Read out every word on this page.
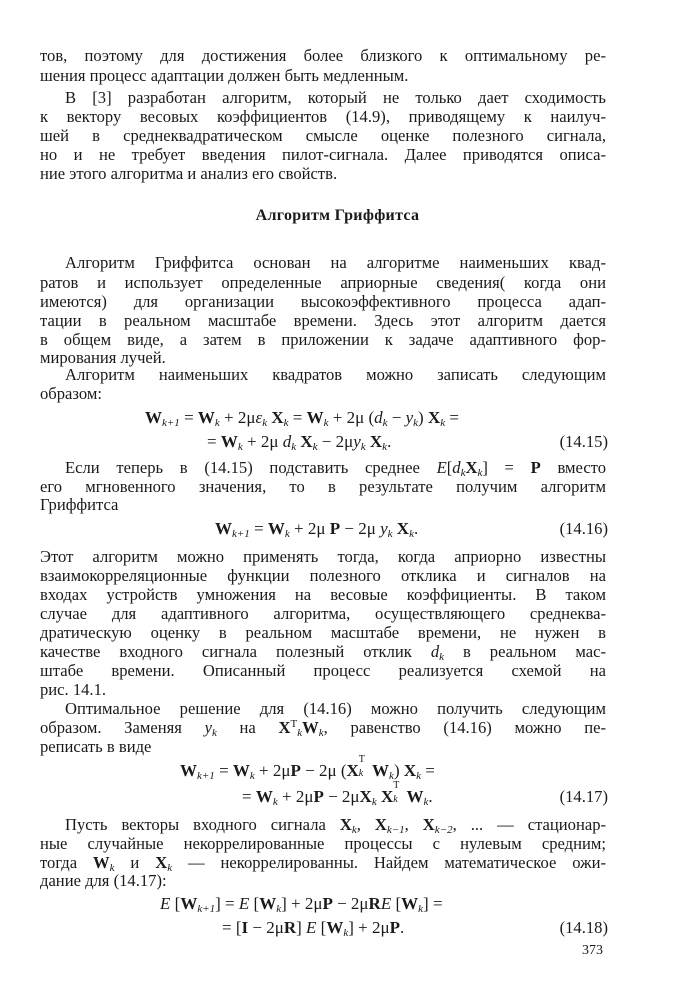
тов, поэтому для достижения более близкого к оптимальному ре-
шения процесс адаптации должен быть медленным.
В [3] разработан алгоритм, который не только дает сходимость
к вектору весовых коэффициентов (14.9), приводящему к наилуч-
шей в среднеквадратическом смысле оценке полезного сигнала,
но и не требует введения пилот-сигнала. Далее приводятся описа-
ние этого алгоритма и анализ его свойств.
Алгоритм Гриффитса
Алгоритм Гриффитса основан на алгоритме наименьших квад-
ратов и использует определенные априорные сведения( когда они
имеются) для организации высокоэффективного процесса адап-
тации в реальном масштабе времени. Здесь этот алгоритм дается
в общем виде, а затем в приложении к задаче адаптивного фор-
мирования лучей.
Алгоритм наименьших квадратов можно записать следующим
образом:
$W_{k+1} = W_k + 2\mu\varepsilon_k$ $X_k = W_k + 2\mu$ $(d_k - y_k) X_k$ =
= $W_k + 2\mu$ $d_k$ $X_k - 2\mu y_k$ $X_k$.	(14.15)
Если теперь в (14.15) подставить среднее $E[d_kX_k] = P$ вместо
его мгновенного значения, то в результате получим алгоритм
Гриффитса
$W_{k+1} = W_k + 2\mu$ P − 2μ $y_k$ $X_k$.	(14.16)
Этот алгоритм можно применять тогда, когда априорно известны
взаимокорреляционные функции полезного отклика и сигналов на
входах устройств умножения на весовые коэффициенты. В таком
случае для адаптивного алгоритма, осуществляющего среднеква-
дратическую оценку в реальном масштабе времени, не нужен в
качестве входного сигнала полезный отклик $d_k$ в реальном мас-
штабе времени. Описанный процесс реализуется схемой на
рис. 14.1.
Оптимальное решение для (14.16) можно получить следующим
образом. Заменяя $y_k$ на $X^T_kW_k$, равенство (14.16) можно пе-
реписать в виде
$W_{k+1} = W_k + 2\mu P - 2\mu$ (X
T
k $W_k$) $X_k$ =
= $W_k + 2\mu P - 2\mu X_k$ X
T
k $W_k$.	(14.17)
Пусть векторы входного сигнала $X_k$, $X_{k-1}$, $X_{k-2}$, ... — стационар-
ные случайные некоррелированные процессы с нулевым средним;
тогда $W_k$ и $X_k$ — некоррелированны. Найдем математическое ожи-
дание для (14.17):
E $[W_{k+1}] = E$ $[W_k] + 2\mu P - 2\mu RE$ $[W_k]$ =
= [I − 2μR] E $[W_k] + 2\mu P$.	(14.18)
373
